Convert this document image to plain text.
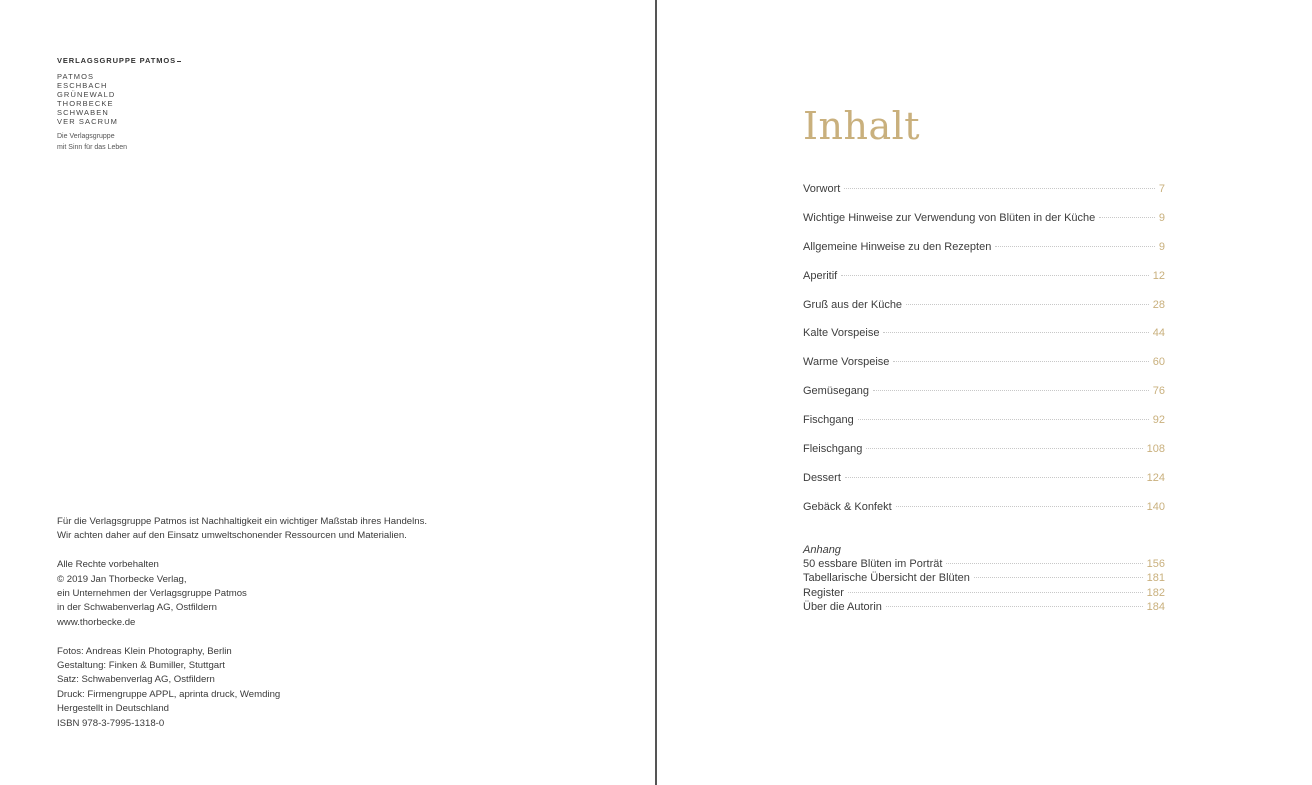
VERLAGSGRUPPE PATMOS
PATMOS
ESCHBACH
GRÜNEWALD
THORBECKE
SCHWABEN
VER SACRUM
Die Verlagsgruppe
mit Sinn für das Leben
Für die Verlagsgruppe Patmos ist Nachhaltigkeit ein wichtiger Maßstab ihres Handelns.
Wir achten daher auf den Einsatz umweltschonender Ressourcen und Materialien.
Alle Rechte vorbehalten
© 2019 Jan Thorbecke Verlag,
ein Unternehmen der Verlagsgruppe Patmos
in der Schwabenverlag AG, Ostfildern
www.thorbecke.de
Fotos: Andreas Klein Photography, Berlin
Gestaltung: Finken & Bumiller, Stuttgart
Satz: Schwabenverlag AG, Ostfildern
Druck: Firmengruppe APPL, aprinta druck, Wemding
Hergestellt in Deutschland
ISBN 978-3-7995-1318-0
Inhalt
Vorwort	7
Wichtige Hinweise zur Verwendung von Blüten in der Küche	9
Allgemeine Hinweise zu den Rezepten	9
Aperitif	12
Gruß aus der Küche	28
Kalte Vorspeise	44
Warme Vorspeise	60
Gemüsegang	76
Fischgang	92
Fleischgang	108
Dessert	124
Gebäck & Konfekt	140
Anhang
50 essbare Blüten im Porträt	156
Tabellarische Übersicht der Blüten	181
Register	182
Über die Autorin	184
